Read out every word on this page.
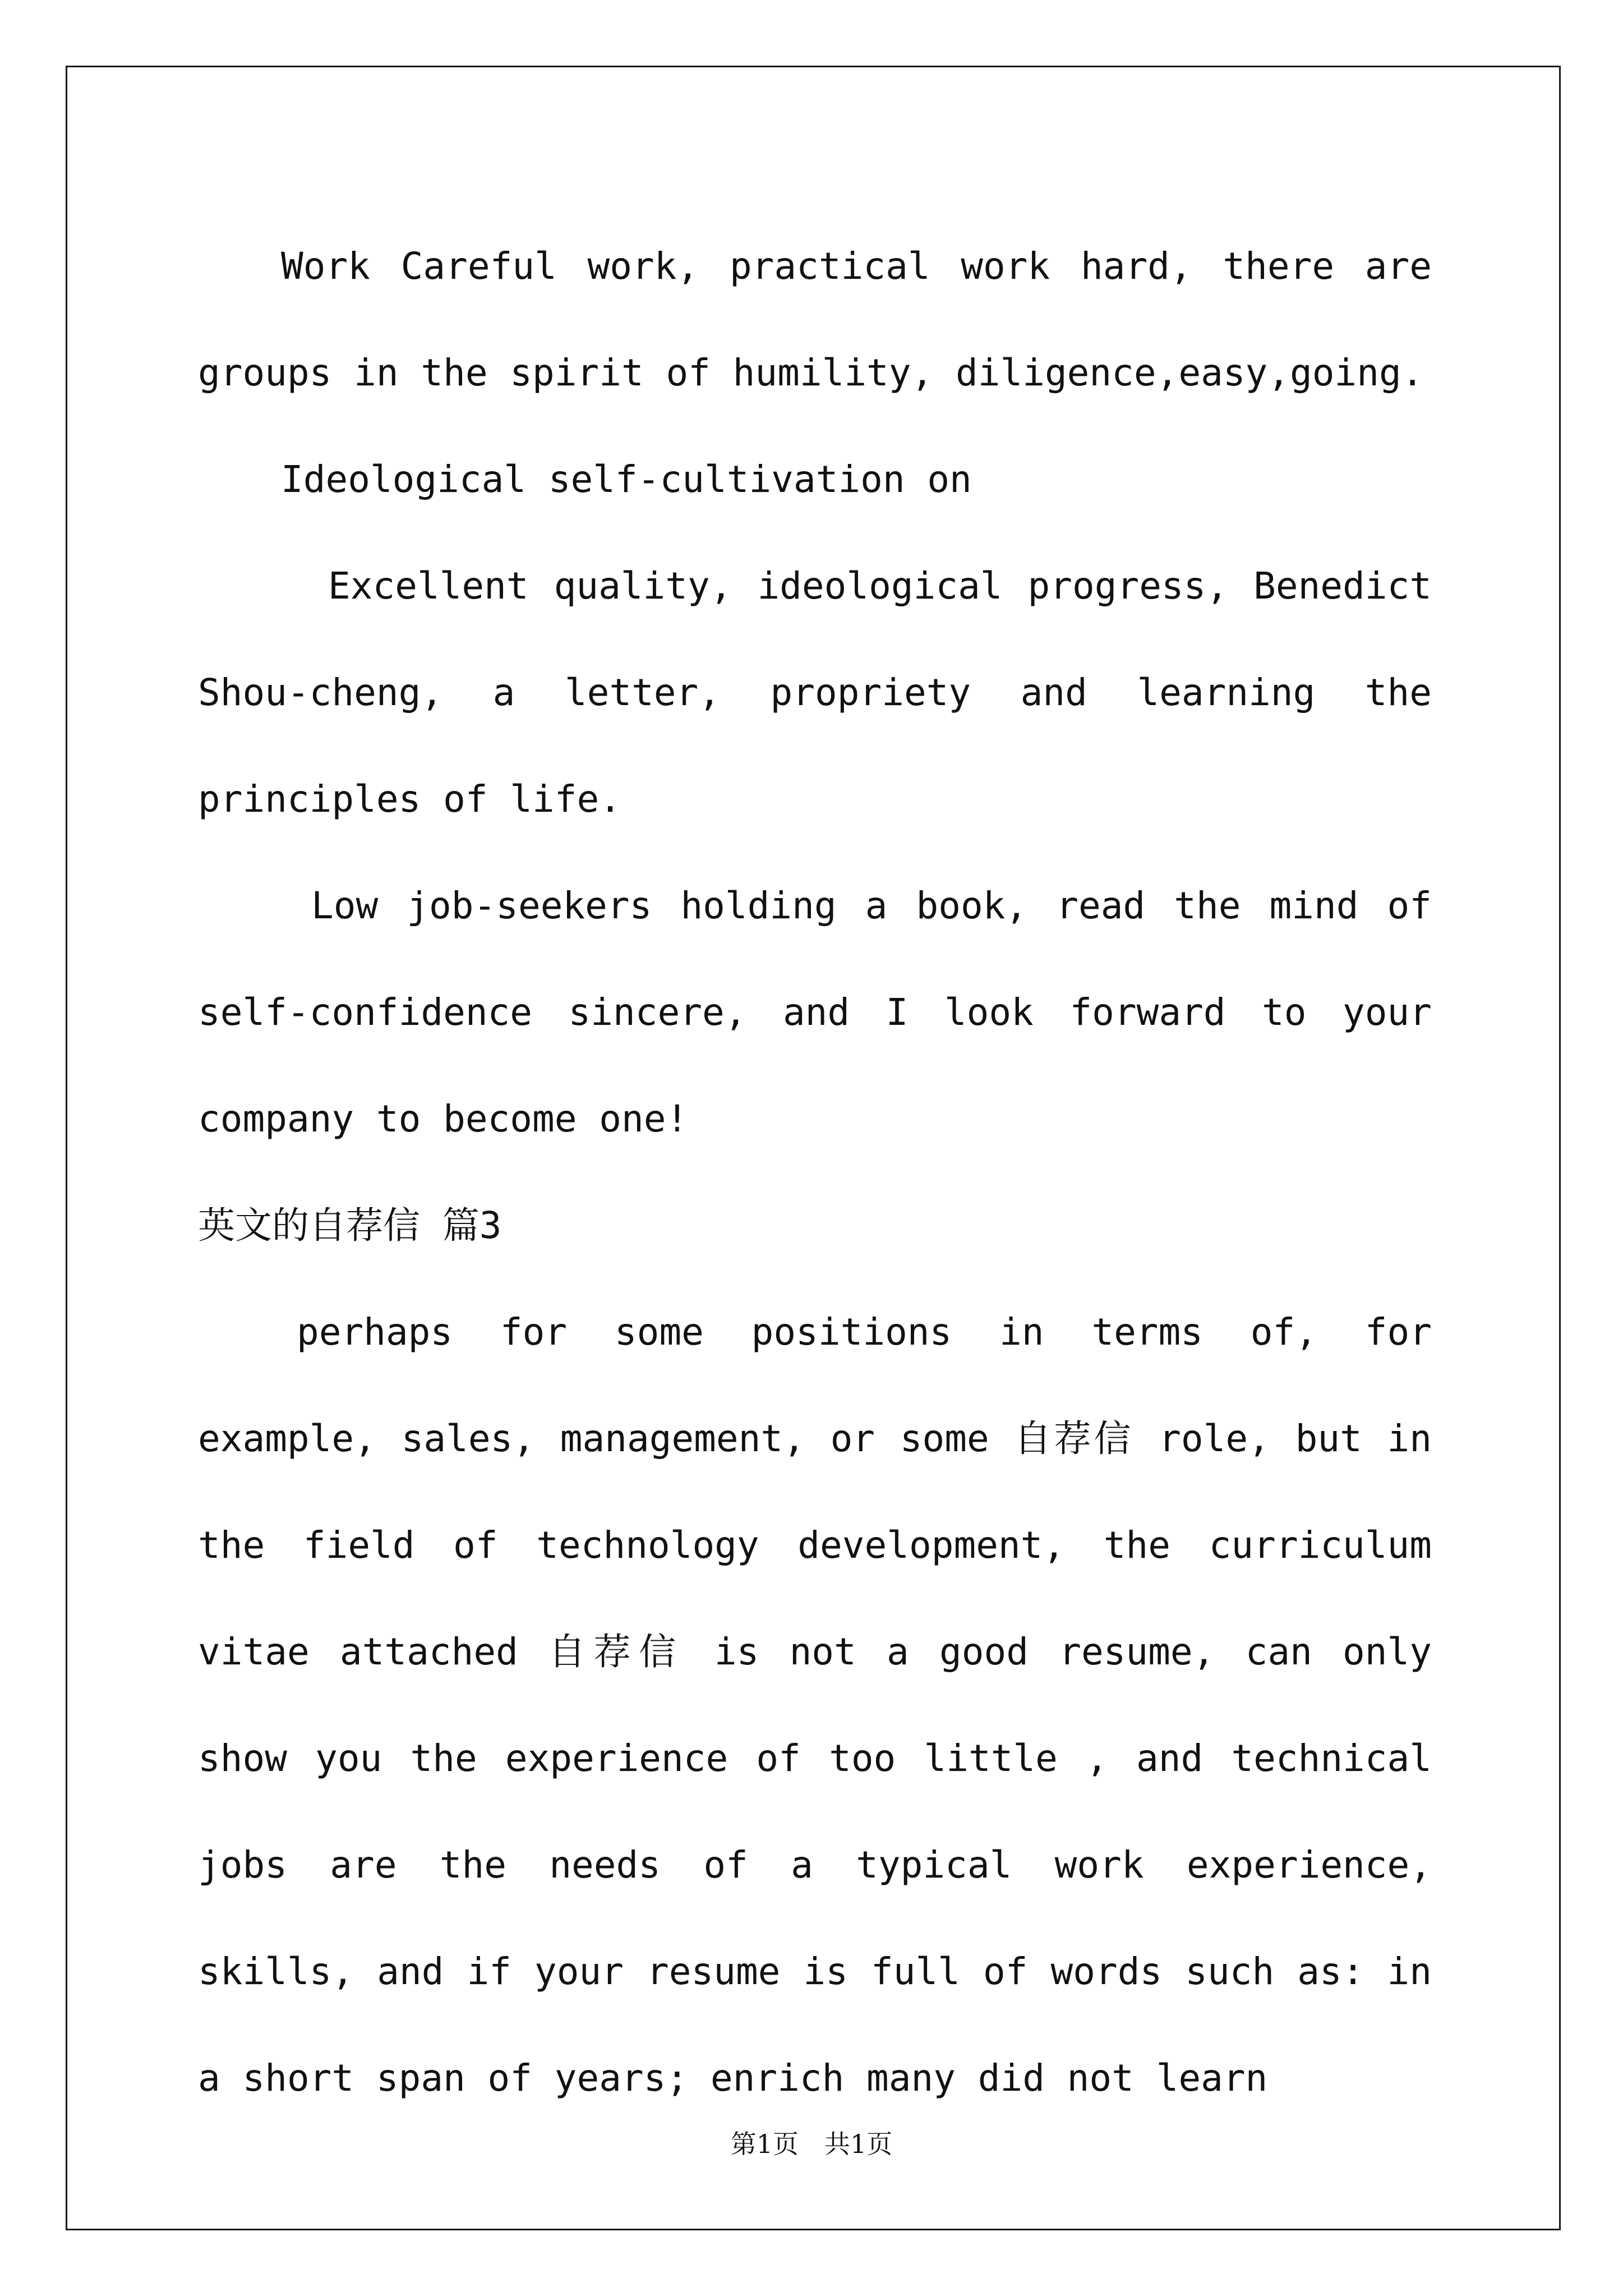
Work Careful work, practical work hard, there are groups in the spirit of humility, diligence,easy,going.

Ideological self-cultivation on

Excellent quality, ideological progress, Benedict Shou-cheng, a letter, propriety and learning the principles of life.

Low job-seekers holding a book, read the mind of self-confidence sincere, and I look forward to your company to become one!

英文的自荐信 篇3

perhaps for some positions in terms of, for example, sales, management, or some 自荐信 role, but in the field of technology development, the curriculum vitae attached 自荐信 is not a good resume, can only show you the experience of too little , and technical jobs are the needs of a typical work experience, skills, and if your resume is full of words such as: in a short span of years; enrich many did not learn

第1页　共1页
